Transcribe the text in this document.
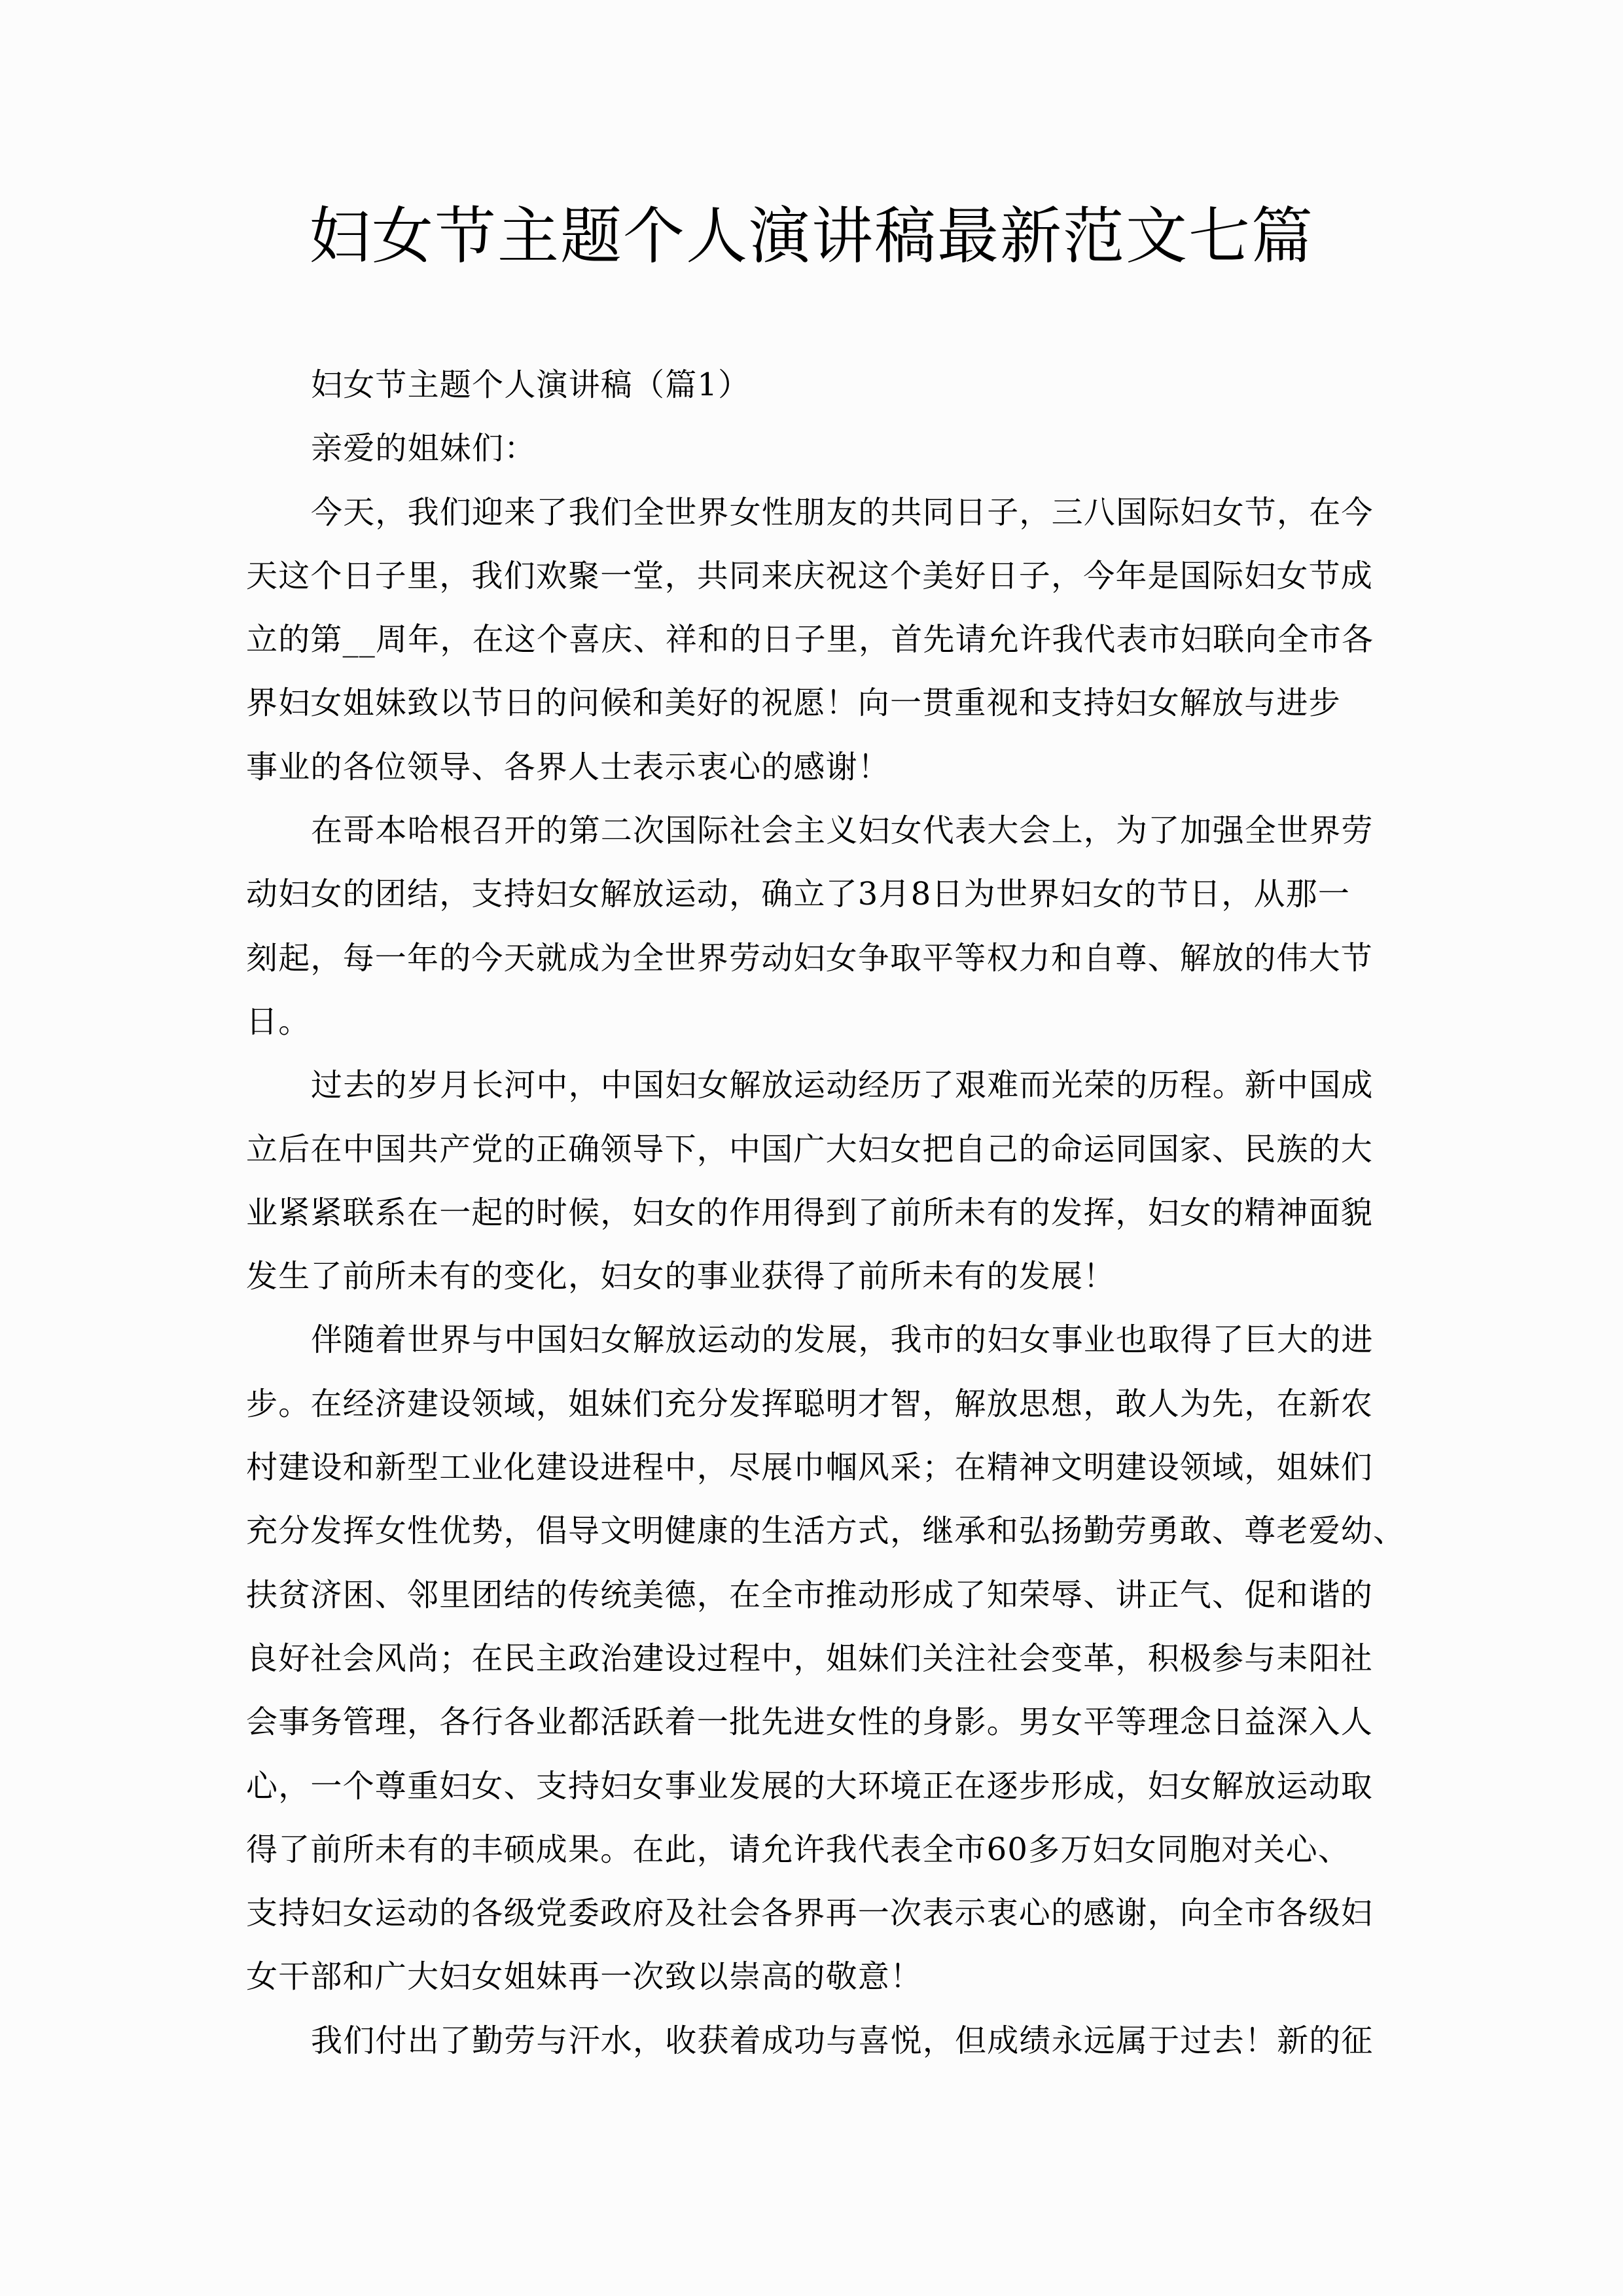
妇女节主题个人演讲稿最新范文七篇
妇女节主题个人演讲稿（篇1）
亲爱的姐妹们：
今天，我们迎来了我们全世界女性朋友的共同日子，三八国际妇女节，在今
天这个日子里，我们欢聚一堂，共同来庆祝这个美好日子，今年是国际妇女节成
立的第__周年，在这个喜庆、祥和的日子里，首先请允许我代表市妇联向全市各
界妇女姐妹致以节日的问候和美好的祝愿！向一贯重视和支持妇女解放与进步
事业的各位领导、各界人士表示衷心的感谢！
在哥本哈根召开的第二次国际社会主义妇女代表大会上，为了加强全世界劳
动妇女的团结，支持妇女解放运动，确立了3月8日为世界妇女的节日，从那一
刻起，每一年的今天就成为全世界劳动妇女争取平等权力和自尊、解放的伟大节
日。
过去的岁月长河中，中国妇女解放运动经历了艰难而光荣的历程。新中国成
立后在中国共产党的正确领导下，中国广大妇女把自己的命运同国家、民族的大
业紧紧联系在一起的时候，妇女的作用得到了前所未有的发挥，妇女的精神面貌
发生了前所未有的变化，妇女的事业获得了前所未有的发展！
伴随着世界与中国妇女解放运动的发展，我市的妇女事业也取得了巨大的进
步。在经济建设领域，姐妹们充分发挥聪明才智，解放思想，敢人为先，在新农
村建设和新型工业化建设进程中，尽展巾帼风采；在精神文明建设领域，姐妹们
充分发挥女性优势，倡导文明健康的生活方式，继承和弘扬勤劳勇敢、尊老爱幼、
扶贫济困、邻里团结的传统美德，在全市推动形成了知荣辱、讲正气、促和谐的
良好社会风尚；在民主政治建设过程中，姐妹们关注社会变革，积极参与耒阳社
会事务管理，各行各业都活跃着一批先进女性的身影。男女平等理念日益深入人
心，一个尊重妇女、支持妇女事业发展的大环境正在逐步形成，妇女解放运动取
得了前所未有的丰硕成果。在此，请允许我代表全市60多万妇女同胞对关心、
支持妇女运动的各级党委政府及社会各界再一次表示衷心的感谢，向全市各级妇
女干部和广大妇女姐妹再一次致以崇高的敬意！
我们付出了勤劳与汗水，收获着成功与喜悦，但成绩永远属于过去！新的征
